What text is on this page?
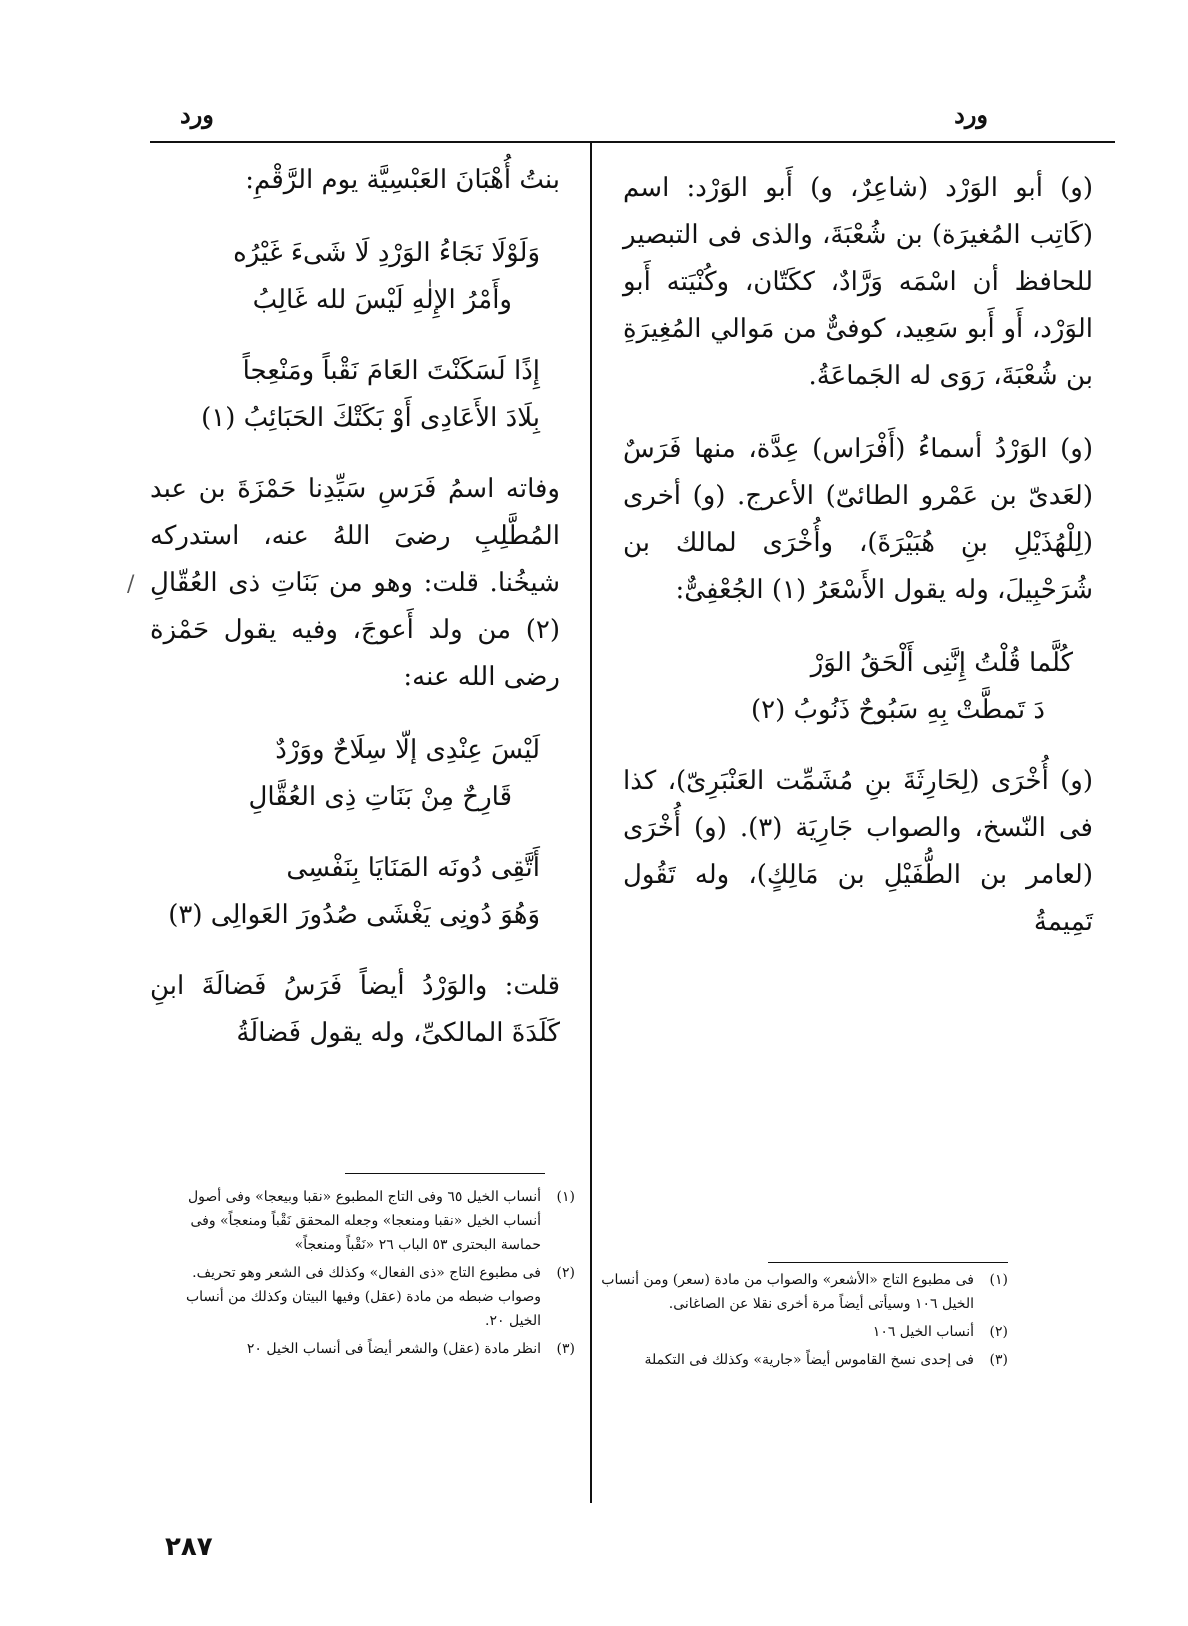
ورد
ورد

(و) أبو الوَرْد (شاعِرٌ، و) أَبو الوَرْد: اسم (كَاتِب المُغيرَة) بن شُعْبَةَ، والذى فى التبصير للحافظ أن اسْمَه وَرَّادٌ، ككَتّان، وكُنْيَته أَبو الوَرْد، أَو أَبو سَعِيد، كوفىٌّ من مَوالي المُغِيرَةِ بن شُعْبَةَ، رَوَى له الجَماعَةُ.

(و) الوَرْدُ أسماءُ (أَفْرَاس) عِدَّة، منها فَرَسٌ (لعَدىّ بن عَمْرو الطائىّ) الأعرج. (و) أخرى (لِلْهُذَيْلِ بنِ هُبَيْرَةَ)، وأُخْرَى لمالك بن شُرَحْبِيلَ، وله يقول الأَسْعَرُ (١) الجُعْفِىٌّ:

كُلَّما قُلْتُ إِنَّنِى أَلْحَقُ الوَرْ
دَ تَمطَّتْ بِهِ سَبُوحٌ ذَنُوبُ (٢)

(و) أُخْرَى (لِحَارِثَةَ بنِ مُشَمِّت العَنْبَرِىّ)، كذا فى النّسخ، والصواب جَارِيَة (٣). (و) أُخْرَى (لعامر بن الطُّفَيْلِ بن مَالِكٍ)، وله تَقُول تَمِيمةُ

بنتُ أُهْبَانَ العَبْسِيَّة يوم الرَّقْمِ:

وَلَوْلَا نَجَاءُ الوَرْدِ لَا شَىءَ غَيْرُه
وأَمْرُ الإِلٰهِ لَيْسَ لله غَالِبُ
إِذًا لَسَكَنْتَ العَامَ نَقْباً ومَنْعِجاً
بِلَادَ الأَعَادِى أَوْ بَكَتْكَ الحَبَائِبُ (١)

وفاته اسمُ فَرَسِ سَيِّدِنا حَمْزَةَ بن عبد المُطَّلِبِ رضىَ اللهُ عنه، استدركه شيخُنا. قلت: وهو من بَنَاتِ ذى العُقّالِ (٢) من ولد أَعوجَ، وفيه يقول حَمْزة رضى الله عنه:

لَيْسَ عِنْدِى إلّا سِلَاحٌ ووَرْدٌ
قَارِحٌ مِنْ بَنَاتِ ذِى العُقَّالِ
أَتَّقِى دُونَه المَنَايَا بِنَفْسِى
وَهُوَ دُونِى يَغْشَى صُدُورَ العَوالِى (٣)

قلت: والوَرْدُ أيضاً فَرَسُ فَضالَةَ ابنِ كَلَدَةَ المالكىِّ، وله يقول فَضالَةُ

(١)
فى مطبوع التاج «الأشعر» والصواب من مادة (سعر) ومن أنساب الخيل ١٠٦ وسيأتى أيضاً مرة أخرى نقلا عن الصاغانى.
(٢)
أنساب الخيل ١٠٦
(٣)
فى إحدى نسخ القاموس أيضاً «جارية» وكذلك فى التكملة
(١)
أنساب الخيل ٦٥ وفى التاج المطبوع «نقبا وبيعجا» وفى أصول أنساب الخيل «نقبا ومنعجا» وجعله المحقق نَقْباً ومنعجاً» وفى حماسة البحترى ٥٣ الباب ٢٦ «نَقْباً ومنعجاً»
(٢)
فى مطبوع التاج «ذى الفعال» وكذلك فى الشعر وهو تحريف. وصواب ضبطه من مادة (عقل) وفيها البيتان وكذلك من أنساب الخيل ٢٠.
(٣)
انظر مادة (عقل) والشعر أيضاً فى أنساب الخيل ٢٠
/
٢٨٧
